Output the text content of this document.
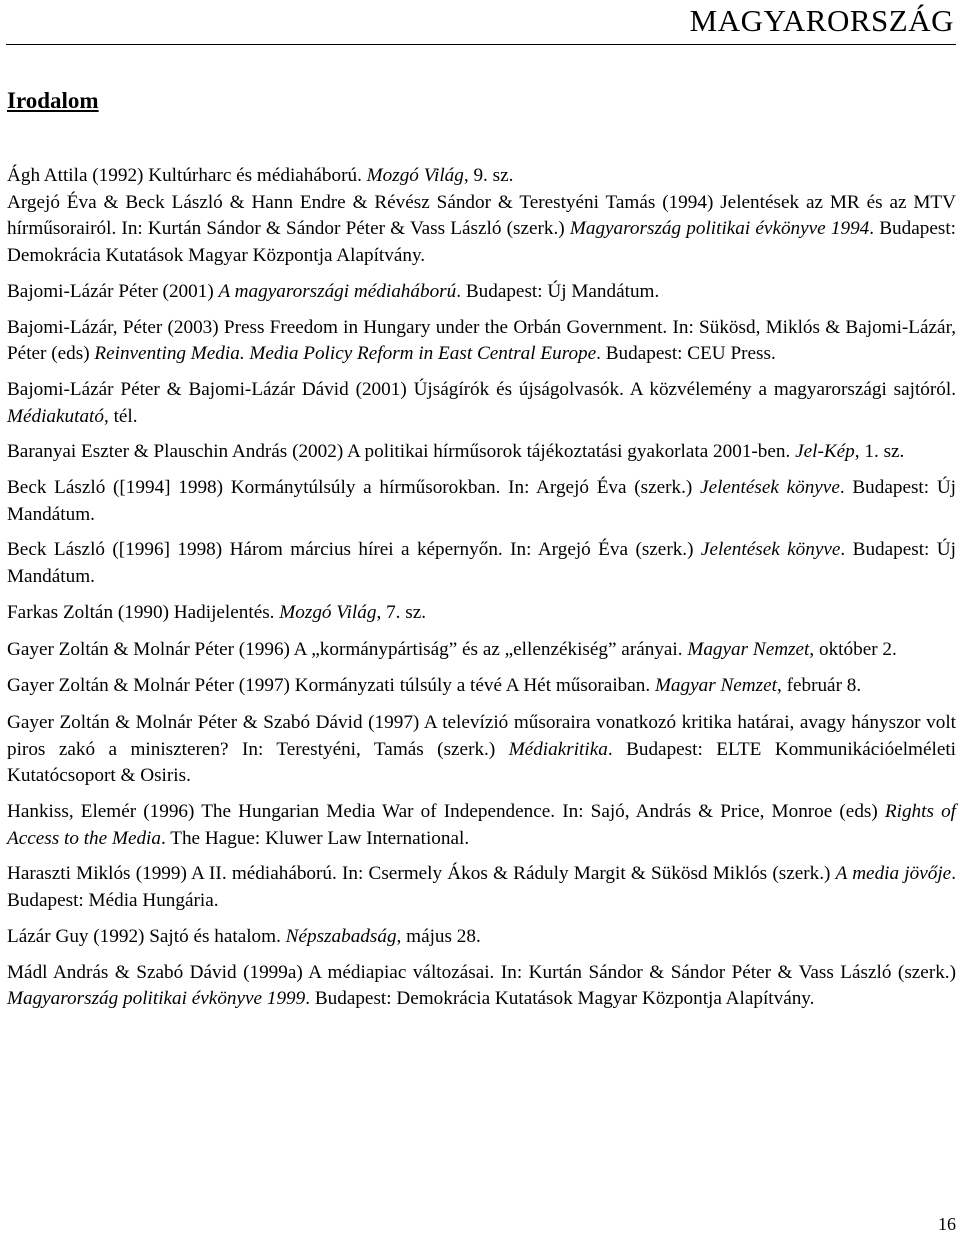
MAGYARORSZÁG
Irodalom

Ágh Attila (1992) Kultúrharc és médiaháború. Mozgó Világ, 9. sz.

Argejó Éva & Beck László & Hann Endre & Révész Sándor & Terestyéni Tamás (1994) Jelentések az MR és az MTV hírműsorairól. In: Kurtán Sándor & Sándor Péter & Vass László (szerk.) Magyarország politikai évkönyve 1994. Budapest: Demokrácia Kutatások Magyar Központja Alapítvány.

Bajomi-Lázár Péter (2001) A magyarországi médiaháború. Budapest: Új Mandátum.

Bajomi-Lázár, Péter (2003) Press Freedom in Hungary under the Orbán Government. In: Sükösd, Miklós & Bajomi-Lázár, Péter (eds) Reinventing Media. Media Policy Reform in East Central Europe. Budapest: CEU Press.

Bajomi-Lázár Péter & Bajomi-Lázár Dávid (2001) Újságírók és újságolvasók. A közvélemény a magyarországi sajtóról. Médiakutató, tél.

Baranyai Eszter & Plauschin András (2002) A politikai hírműsorok tájékoztatási gyakorlata 2001-ben. Jel-Kép, 1. sz.

Beck László ([1994] 1998) Kormánytúlsúly a hírműsorokban. In: Argejó Éva (szerk.) Jelentések könyve. Budapest: Új Mandátum.

Beck László ([1996] 1998) Három március hírei a képernyőn. In: Argejó Éva (szerk.) Jelentések könyve. Budapest: Új Mandátum.

Farkas Zoltán (1990) Hadijelentés. Mozgó Világ, 7. sz.

Gayer Zoltán & Molnár Péter (1996) A „kormánypártiság” és az „ellenzékiség” arányai. Magyar Nemzet, október 2.

Gayer Zoltán & Molnár Péter (1997) Kormányzati túlsúly a tévé A Hét műsoraiban. Magyar Nemzet, február 8.

Gayer Zoltán & Molnár Péter & Szabó Dávid (1997) A televízió műsoraira vonatkozó kritika határai, avagy hányszor volt piros zakó a miniszteren? In: Terestyéni, Tamás (szerk.) Médiakritika. Budapest: ELTE Kommunikációelméleti Kutatócsoport & Osiris.

Hankiss, Elemér (1996) The Hungarian Media War of Independence. In: Sajó, András & Price, Monroe (eds) Rights of Access to the Media. The Hague: Kluwer Law International.

Haraszti Miklós (1999) A II. médiaháború. In: Csermely Ákos & Ráduly Margit & Sükösd Miklós (szerk.) A media jövője. Budapest: Média Hungária.

Lázár Guy (1992) Sajtó és hatalom. Népszabadság, május 28.

Mádl András & Szabó Dávid (1999a) A médiapiac változásai. In: Kurtán Sándor & Sándor Péter & Vass László (szerk.) Magyarország politikai évkönyve 1999. Budapest: Demokrácia Kutatások Magyar Központja Alapítvány.

16
